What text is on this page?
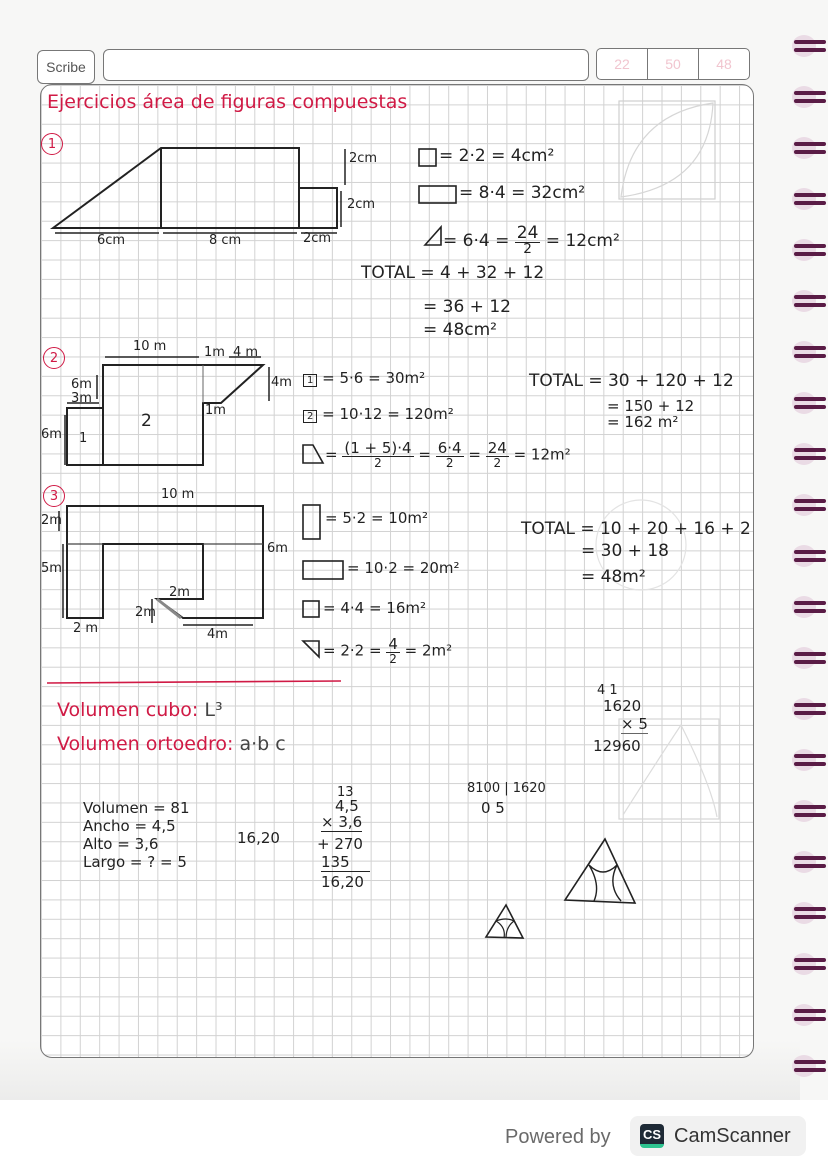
Scribe	22	50	48
Ejercicios área de figuras compuestas
1
6cm	8 cm	2cm
2cm
2cm
= 2·2 = 4cm²
= 8·4 = 32cm²
= $6\cdot 4 = \frac{24}{2} = 12cm^2$
TOTAL = 4 + 32 + 12
= 36 + 12
= 48cm²
2
10 m	1m 4 m
6m
3m
6m
4m
1m
1
2
1 = 5·6 = 30m²
2 = 10·12 = 120m²
= $\frac{(1 + 5)\cdot 4}{2} = \frac{6\cdot 4}{2} = \frac{24}{2} = 12m^2$
TOTAL = 30 + 120 + 12
= 150 + 12
= 162 m²
3	10 m
2m
5m
6m
2 m	4m
2m
2m
= 5·2 = 10m²
= 10·2 = 20m²
= 4·4 = 16m²
= $2\cdot 2 = \frac{4}{2} = 2m^2$
TOTAL = 10 + 20 + 16 + 2
= 30 + 18
= 48m²
Volumen cubo: L³
Volumen ortoedro: a·b c
Volumen = 81
Ancho = 4,5
Alto = 3,6
Largo = ? = 5
16,20
13
4,5
× 3,6
+ 270
135
16,20
8100 | 1620
0 5
4 1
1620
× 5
12960
Powered by CS CamScanner
